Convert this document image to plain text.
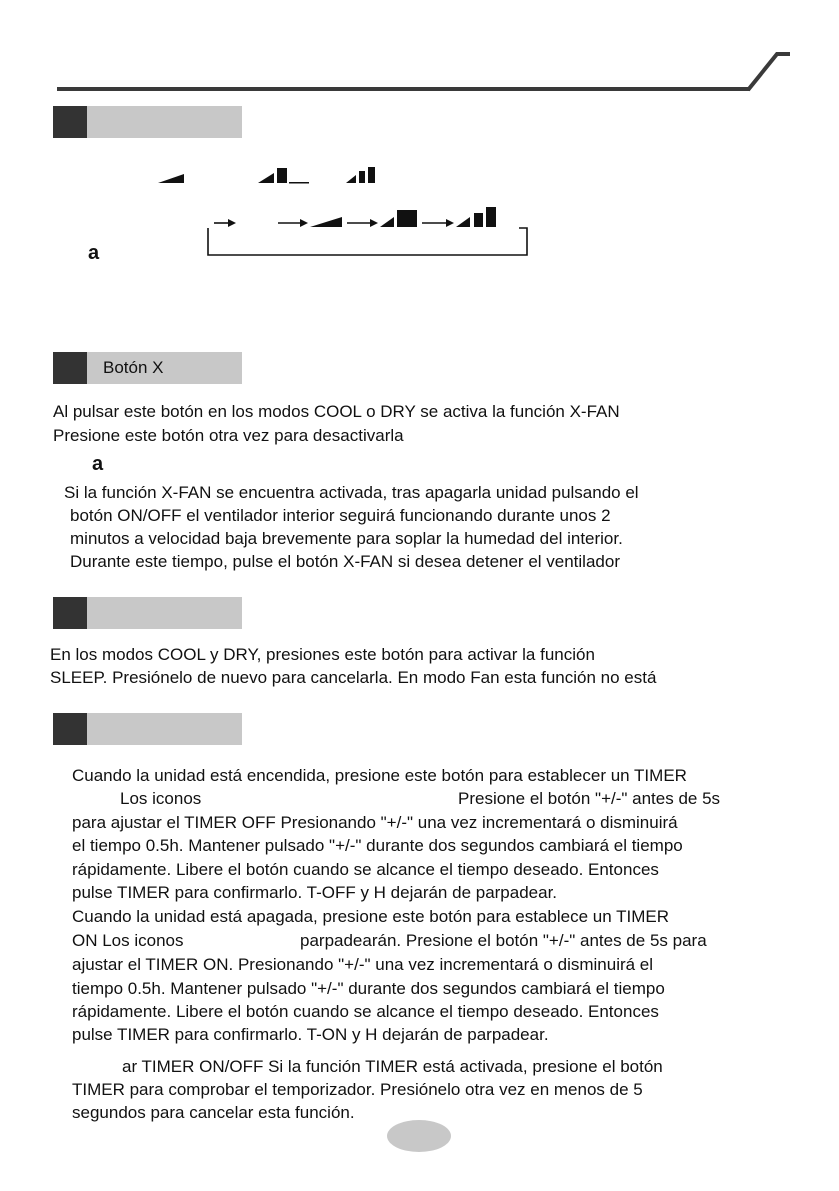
a
Botón X
Al pulsar este botón en los modos COOL o DRY se activa la función X-FAN
Presione este botón otra vez para desactivarla
a
Si la función X-FAN se encuentra activada, tras apagarla unidad pulsando el
botón ON/OFF el ventilador interior seguirá funcionando durante unos 2
minutos a velocidad baja brevemente para soplar la humedad del interior.
Durante este tiempo, pulse el botón X-FAN si desea detener el ventilador
En los modos COOL y DRY, presiones este botón para activar la función
SLEEP. Presiónelo de nuevo para cancelarla. En modo Fan esta función no está
Cuando la unidad está encendida, presione este botón para establecer un TIMER
Los iconos	Presione el botón "+/-" antes de 5s
para ajustar el TIMER OFF Presionando "+/-" una vez incrementará o disminuirá
el tiempo 0.5h. Mantener pulsado "+/-" durante dos segundos cambiará el tiempo
rápidamente. Libere el botón cuando se alcance el tiempo deseado. Entonces
pulse TIMER para confirmarlo. T-OFF y H dejarán de parpadear.
Cuando la unidad está apagada, presione este botón para establece un TIMER
ON Los iconos	parpadearán. Presione el botón "+/-" antes de 5s para
ajustar el TIMER ON. Presionando "+/-" una vez incrementará o disminuirá el
tiempo 0.5h. Mantener pulsado "+/-" durante dos segundos cambiará el tiempo
rápidamente. Libere el botón cuando se alcance el tiempo deseado. Entonces
pulse TIMER para confirmarlo. T-ON y H dejarán de parpadear.
ar TIMER ON/OFF Si la función TIMER está activada, presione el botón
TIMER para comprobar el temporizador. Presiónelo otra vez en menos de 5
segundos para cancelar esta función.
